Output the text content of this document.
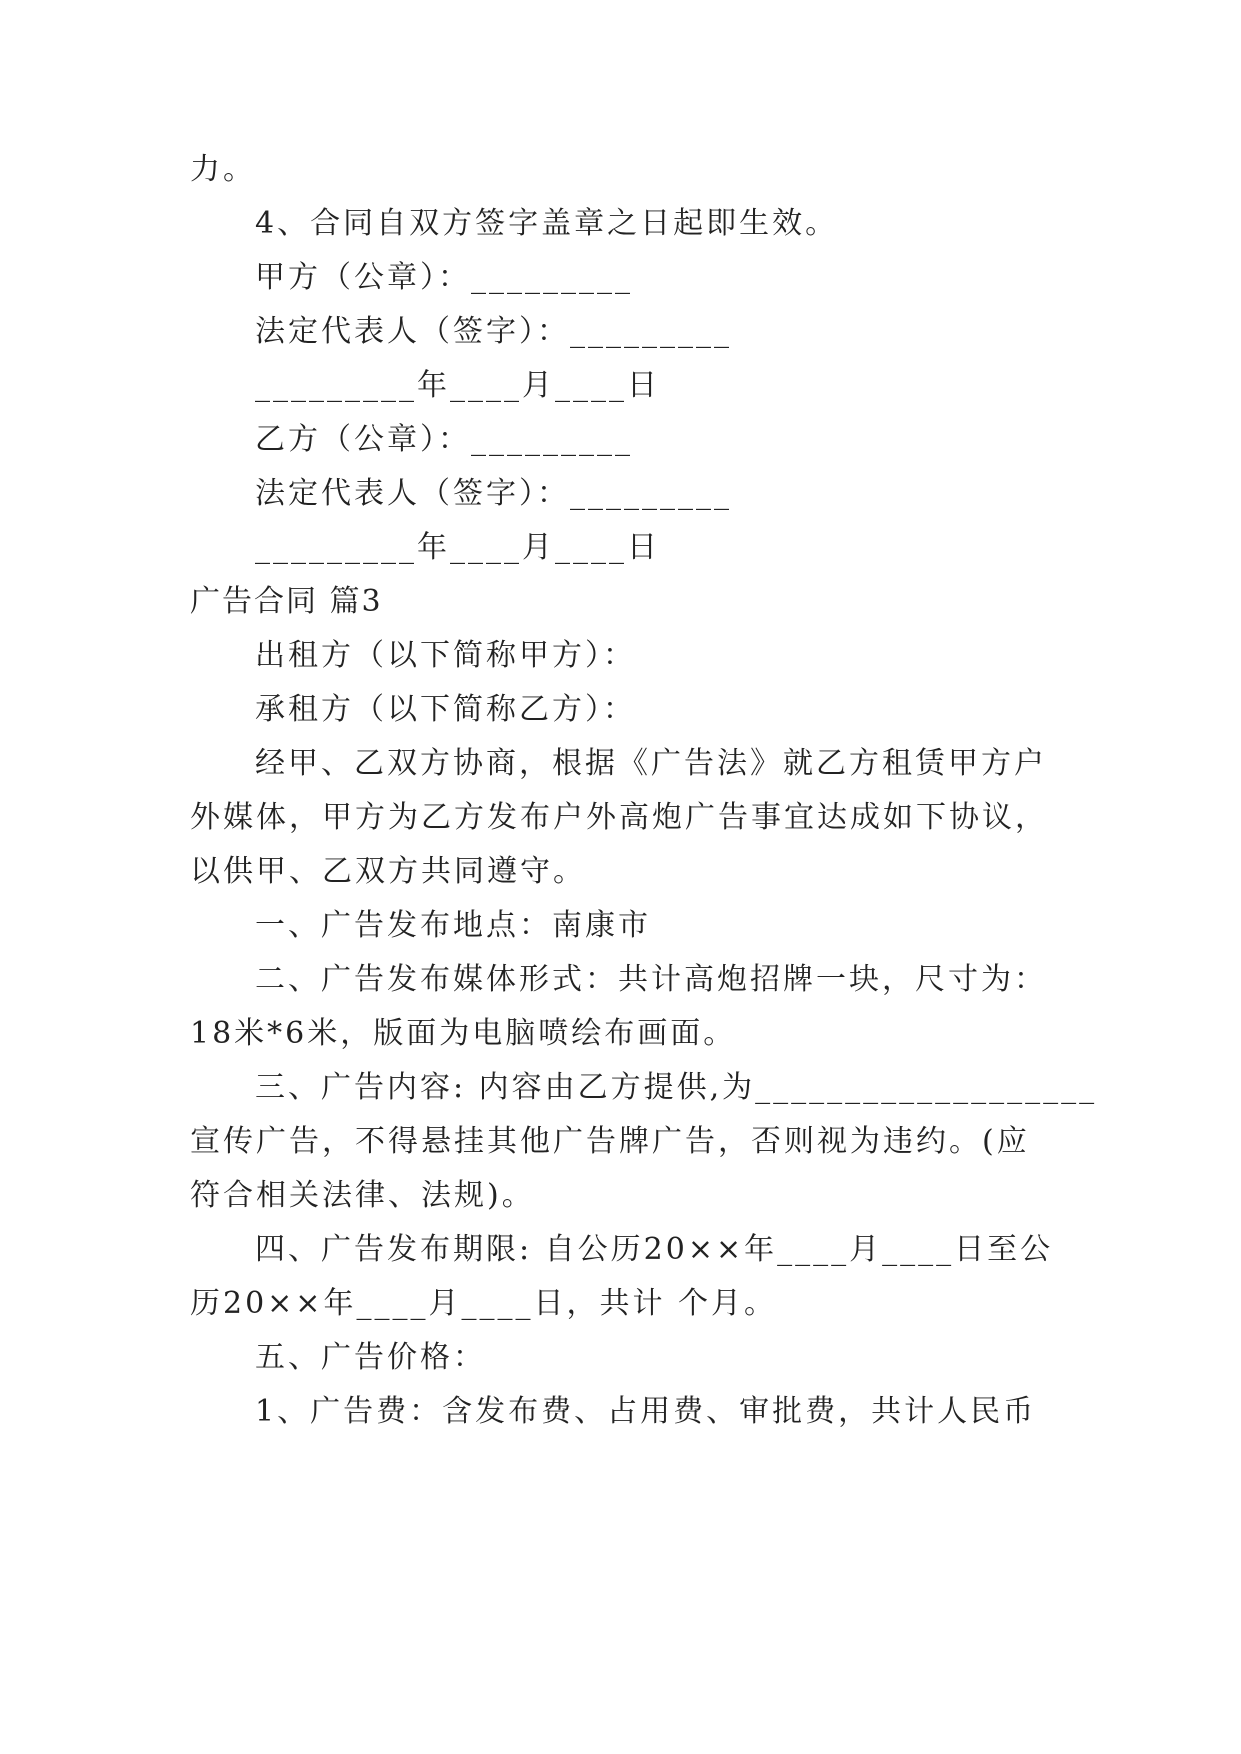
力。
4、合同自双方签字盖章之日起即生效。
甲方（公章）：_________
法定代表人（签字）：_________
_________年____月____日
乙方（公章）：_________
法定代表人（签字）：_________
_________年____月____日
广告合同 篇3
出租方（以下简称甲方）：
承租方（以下简称乙方）：
经甲、乙双方协商，根据《广告法》就乙方租赁甲方户
外媒体，甲方为乙方发布户外高炮广告事宜达成如下协议，
以供甲、乙双方共同遵守。
一、广告发布地点：南康市
二、广告发布媒体形式：共计高炮招牌一块，尺寸为：
18米*6米，版面为电脑喷绘布画面。
三、广告内容: 内容由乙方提供,为___________________
宣传广告，不得悬挂其他广告牌广告，否则视为违约。(应
符合相关法律、法规)。
四、广告发布期限: 自公历20××年____月____日至公
历20××年____月____日，共计 个月。
五、广告价格：
1、广告费：含发布费、占用费、审批费，共计人民币
